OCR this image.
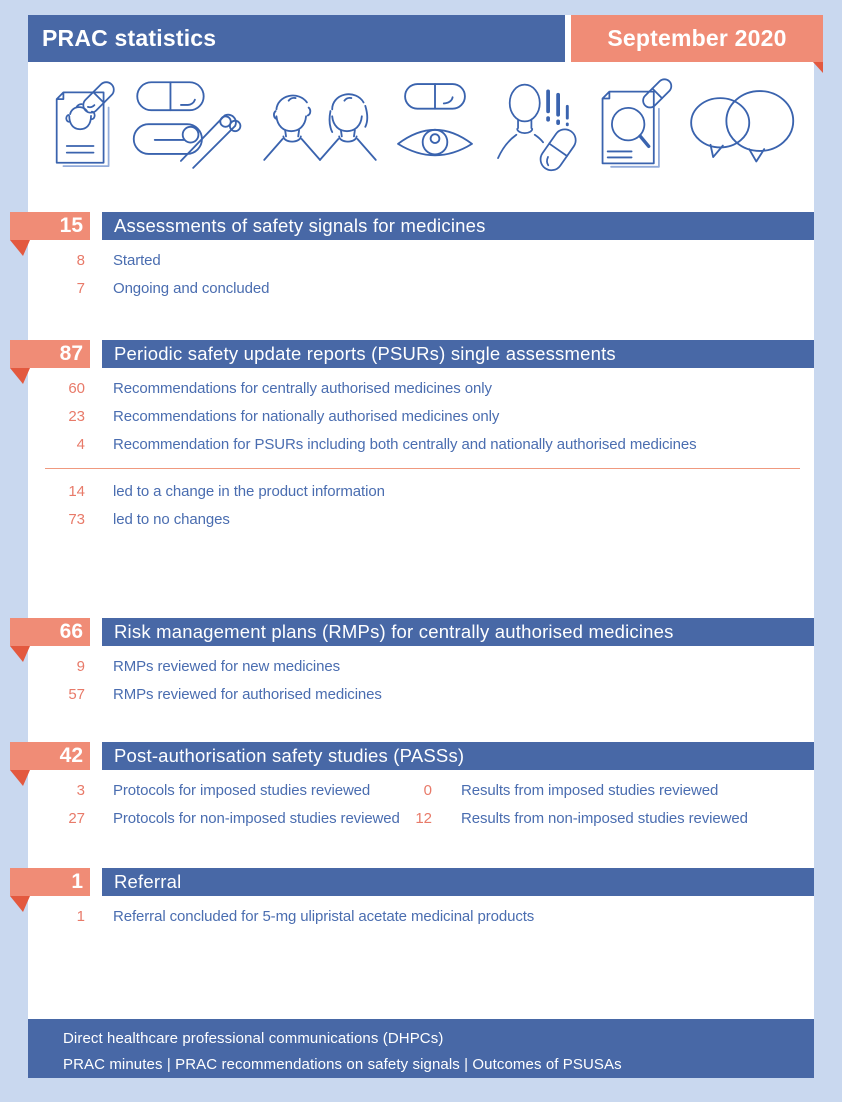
PRAC statistics	September 2020
15	Assessments of safety signals for medicines
8 Started
7 Ongoing and concluded
87	Periodic safety update reports (PSURs) single assessments
60 Recommendations for centrally authorised medicines only
23 Recommendations for nationally authorised medicines only
4 Recommendation for PSURs including both centrally and nationally authorised medicines
14 led to a change in the product information
73 led to no changes
66	Risk management plans (RMPs) for centrally authorised medicines
9 RMPs reviewed for new medicines
57 RMPs reviewed for authorised medicines
42	Post-authorisation safety studies (PASSs)
3 Protocols for imposed studies reviewed	0 Results from imposed studies reviewed
27 Protocols for non-imposed studies reviewed	12 Results from non-imposed studies reviewed
1	Referral
1 Referral concluded for 5-mg ulipristal acetate medicinal products
Direct healthcare professional communications (DHPCs)
PRAC minutes | PRAC recommendations on safety signals | Outcomes of PSUSAs
